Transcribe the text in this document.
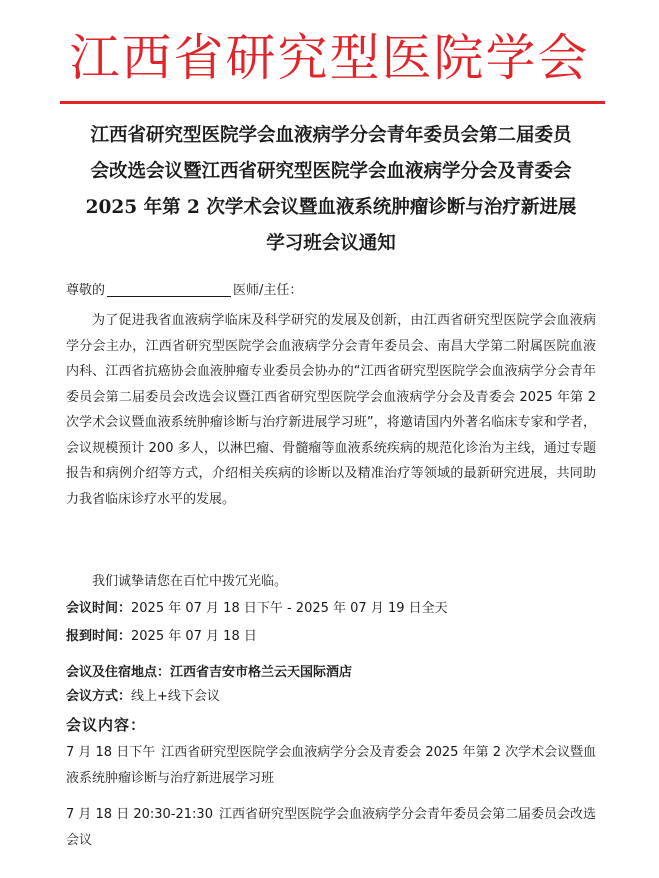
江西省研究型医院学会
江西省研究型医院学会血液病学分会青年委员会第二届委员
会改选会议暨江西省研究型医院学会血液病学分会及青委会
2025 年第 2 次学术会议暨血液系统肿瘤诊断与治疗新进展
学习班会议通知
尊敬的	医师/主任：

为了促进我省血液病学临床及科学研究的发展及创新，由江西省研究型医院学会血液病学分会主办，江西省研究型医院学会血液病学分会青年委员会、南昌大学第二附属医院血液内科、江西省抗癌协会血液肿瘤专业委员会协办的“江西省研究型医院学会血液病学分会青年委员会第二届委员会改选会议暨江西省研究型医院学会血液病学分会及青委会 2025 年第 2 次学术会议暨血液系统肿瘤诊断与治疗新进展学习班”，将邀请国内外著名临床专家和学者，会议规模预计 200 多人，以淋巴瘤、骨髓瘤等血液系统疾病的规范化诊治为主线，通过专题报告和病例介绍等方式，介绍相关疾病的诊断以及精准治疗等领域的最新研究进展，共同助力我省临床诊疗水平的发展。

我们诚挚请您在百忙中拨冗光临。

会议时间：2025 年 07 月 18 日下午 - 2025 年 07 月 19 日全天
报到时间：2025 年 07 月 18 日
会议及住宿地点：江西省吉安市格兰云天国际酒店
会议方式：线上+线下会议
会议内容：

7 月 18 日下午 江西省研究型医院学会血液病学分会及青委会 2025 年第 2 次学术会议暨血液系统肿瘤诊断与治疗新进展学习班

7 月 18 日 20:30-21:30 江西省研究型医院学会血液病学分会青年委员会第二届委员会改选会议
